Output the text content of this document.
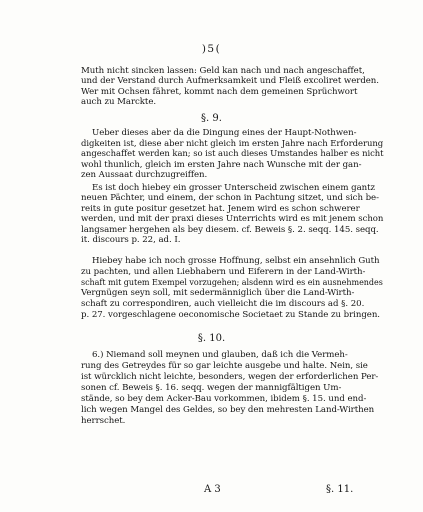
)5(
Muth nicht sincken lassen: Geld kan nach und nach angeschaffet,
und der Verstand durch Aufmerksamkeit und Fleiß excoliret werden.
Wer mit Ochsen fähret, kommt nach dem gemeinen Sprüchwort
auch zu Marckte.
§. 9.
Ueber dieses aber da die Dingung eines der Haupt-Nothwen-
digkeiten ist, diese aber nicht gleich im ersten Jahre nach Erforderung
angeschaffet werden kan; so ist auch dieses Umstandes halber es nicht
wohl thunlich, gleich im ersten Jahre nach Wunsche mit der gan-
zen Aussaat durchzugreiffen.
Es ist doch hiebey ein grosser Unterscheid zwischen einem gantz
neuen Pächter, und einem, der schon in Pachtung sitzet, und sich be-
reits in gute positur gesetzet hat. Jenem wird es schon schwerer
werden, und mit der praxi dieses Unterrichts wird es mit jenem schon
langsamer hergehen als bey diesem. cf. Beweis §. 2. seqq. 145. seqq.
it. discours p. 22, ad. I.
Hiebey habe ich noch grosse Hoffnung, selbst ein ansehnlich Guth
zu pachten, und allen Liebhabern und Eiferern in der Land-Wirth-
schaft mit gutem Exempel vorzugehen; alsdenn wird es ein ausnehmendes
Vergnügen seyn soll, mit sedermänniglich über die Land-Wirth-
schaft zu correspondiren, auch vielleicht die im discours ad §. 20.
p. 27. vorgeschlagene oeconomische Societaet zu Stande zu bringen.
§. 10.
6.) Niemand soll meynen und glauben, daß ich die Vermeh-
rung des Getreydes für so gar leichte ausgebe und halte. Nein, sie
ist würcklich nicht leichte, besonders, wegen der erforderlichen Per-
sonen cf. Beweis §. 16. seqq. wegen der mannigfältigen Um-
stände, so bey dem Acker-Bau vorkommen, ibidem §. 15. und end-
lich wegen Mangel des Geldes, so bey den mehresten Land-Wirthen
herrschet.
A 3	§. 11.
